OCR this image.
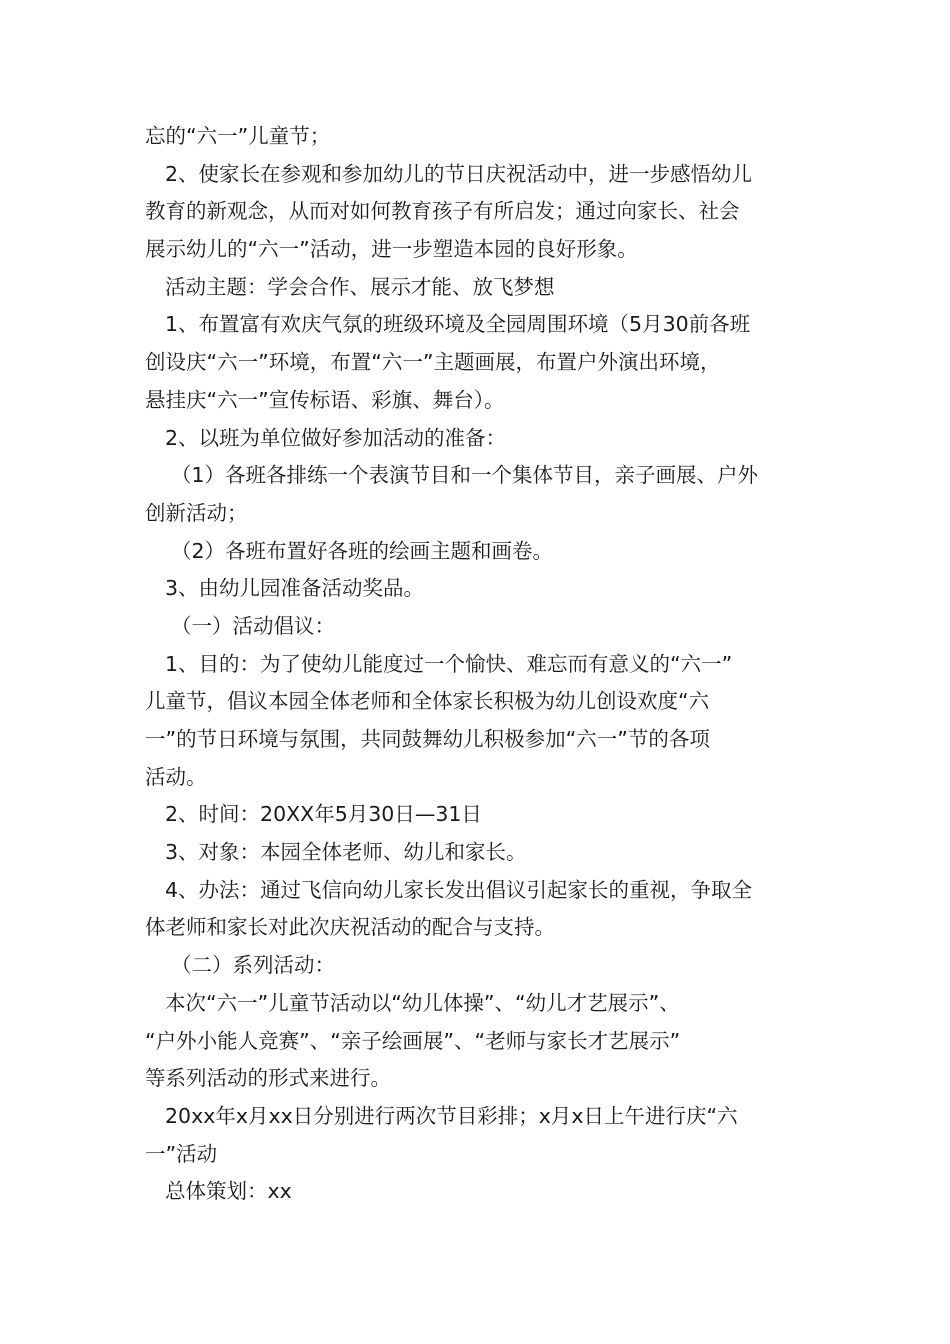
忘的“六一”儿童节；
2、使家长在参观和参加幼儿的节日庆祝活动中，进一步感悟幼儿
教育的新观念，从而对如何教育孩子有所启发；通过向家长、社会
展示幼儿的“六一”活动，进一步塑造本园的良好形象。
活动主题：学会合作、展示才能、放飞梦想
1、布置富有欢庆气氛的班级环境及全园周围环境（5月30前各班
创设庆“六一”环境，布置“六一”主题画展，布置户外演出环境，
悬挂庆“六一”宣传标语、彩旗、舞台）。
2、以班为单位做好参加活动的准备：
（1）各班各排练一个表演节目和一个集体节目，亲子画展、户外
创新活动；
（2）各班布置好各班的绘画主题和画卷。
3、由幼儿园准备活动奖品。
（一）活动倡议：
1、目的：为了使幼儿能度过一个愉快、难忘而有意义的“六一”
儿童节，倡议本园全体老师和全体家长积极为幼儿创设欢度“六
一”的节日环境与氛围，共同鼓舞幼儿积极参加“六一”节的各项
活动。
2、时间：20XX年5月30日—31日
3、对象：本园全体老师、幼儿和家长。
4、办法：通过飞信向幼儿家长发出倡议引起家长的重视，争取全
体老师和家长对此次庆祝活动的配合与支持。
（二）系列活动：
本次“六一”儿童节活动以“幼儿体操”、“幼儿才艺展示”、
“户外小能人竞赛”、“亲子绘画展”、“老师与家长才艺展示”
等系列活动的形式来进行。
20xx年x月xx日分别进行两次节目彩排；x月x日上午进行庆“六
一”活动
总体策划：xx
